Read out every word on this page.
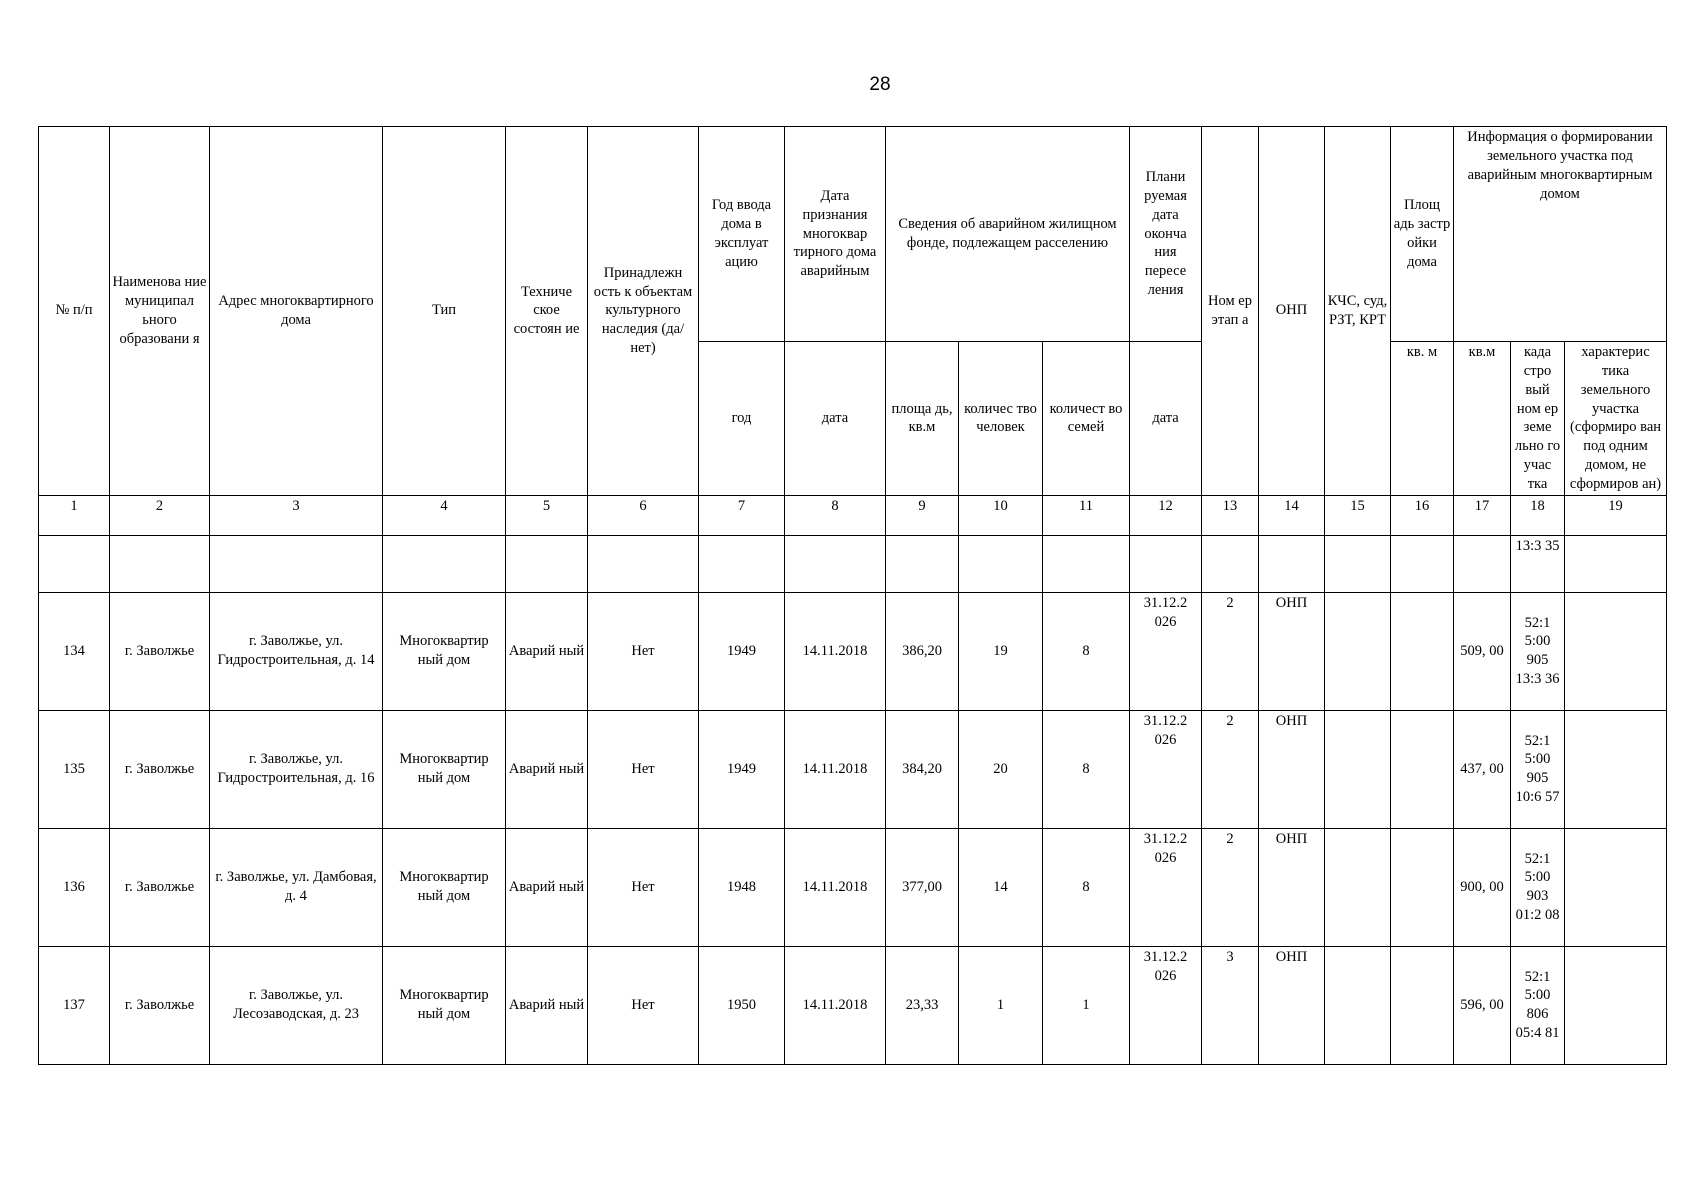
28
№ п/п	Наименова ние муниципал ьного образовани я	Адрес многоквартирного дома	Тип	Техниче ское состоян ие	Принадлежн ость к объектам культурного наследия (да/нет)	Год ввода дома в эксплуат ацию	Дата признания многоквар тирного дома аварийным	Сведения об аварийном жилищном фонде, подлежащем расселению			Плани руемая дата оконча ния пересе ления	Ном ер этап а	ОНП	КЧС, суд, РЗТ, КРТ	Площ адь застр ойки дома	Информация о формировании земельного участка под аварийным многоквартирным домом		
						год	дата	площа дь, кв.м	количес тво человек	количест во семей	дата				кв. м	кв.м	када стро вый ном ер земе льно го учас тка	характерис тика земельного участка (сформиро ван под одним домом, не сформиров ан)
1	2	3	4	5	6	7	8	9	10	11	12	13	14	15	16	17	18	19
																	13:3 35	
134	г. Заволжье	г. Заволжье, ул. Гидростроительная, д. 14	Многоквартир ный дом	Аварий ный	Нет	1949	14.11.2018	386,20	19	8	31.12.2 026	2	ОНП			509, 00	52:1 5:00 905 13:3 36	
135	г. Заволжье	г. Заволжье, ул. Гидростроительная, д. 16	Многоквартир ный дом	Аварий ный	Нет	1949	14.11.2018	384,20	20	8	31.12.2 026	2	ОНП			437, 00	52:1 5:00 905 10:6 57	
136	г. Заволжье	г. Заволжье, ул. Дамбовая, д. 4	Многоквартир ный дом	Аварий ный	Нет	1948	14.11.2018	377,00	14	8	31.12.2 026	2	ОНП			900, 00	52:1 5:00 903 01:2 08	
137	г. Заволжье	г. Заволжье, ул. Лесозаводская, д. 23	Многоквартир ный дом	Аварий ный	Нет	1950	14.11.2018	23,33	1	1	31.12.2 026	3	ОНП			596, 00	52:1 5:00 806 05:4 81	
